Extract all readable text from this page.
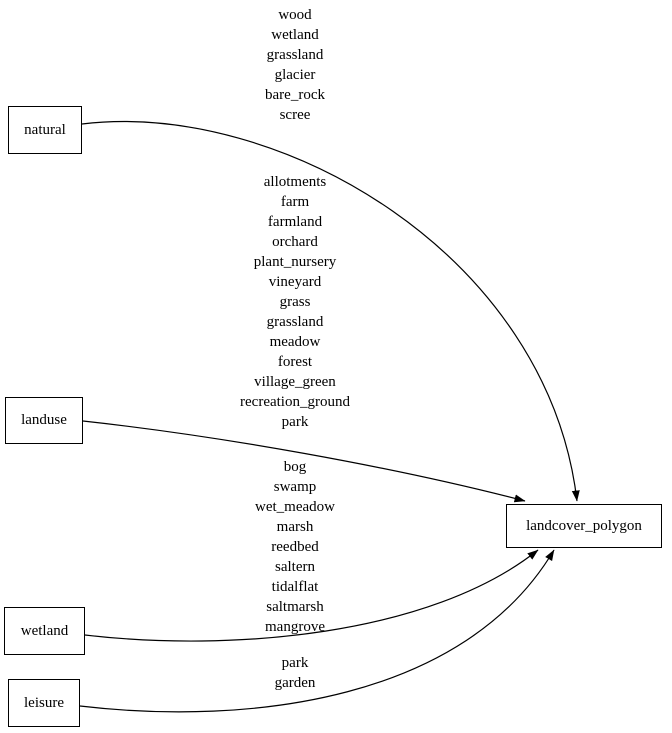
wood
wetland
grassland
glacier
bare_rock
scree
allotments
farm
farmland
orchard
plant_nursery
vineyard
grass
grassland
meadow
forest
village_green
recreation_ground
park
bog
swamp
wet_meadow
marsh
reedbed
saltern
tidalflat
saltmarsh
mangrove
park
garden
natural
landuse
wetland
leisure
landcover_polygon
